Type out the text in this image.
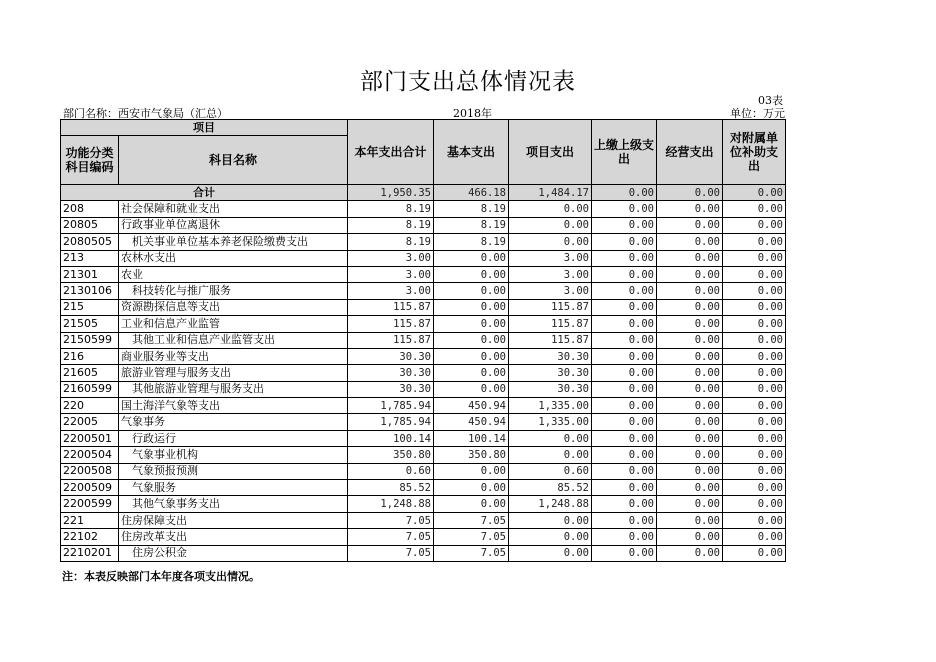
部门支出总体情况表
03表
部门名称：西安市气象局（汇总）	2018年	单位：万元
项目		本年支出合计	基本支出	项目支出	上缴上级支出	经营支出	对附属单位补助支出
功能分类科目编码	科目名称						
合计		1,950.35	466.18	1,484.17	0.00	0.00	0.00
208	社会保障和就业支出	8.19	8.19	0.00	0.00	0.00	0.00
20805	行政事业单位离退休	8.19	8.19	0.00	0.00	0.00	0.00
2080505	　机关事业单位基本养老保险缴费支出	8.19	8.19	0.00	0.00	0.00	0.00
213	农林水支出	3.00	0.00	3.00	0.00	0.00	0.00
21301	农业	3.00	0.00	3.00	0.00	0.00	0.00
2130106	　科技转化与推广服务	3.00	0.00	3.00	0.00	0.00	0.00
215	资源勘探信息等支出	115.87	0.00	115.87	0.00	0.00	0.00
21505	工业和信息产业监管	115.87	0.00	115.87	0.00	0.00	0.00
2150599	　其他工业和信息产业监管支出	115.87	0.00	115.87	0.00	0.00	0.00
216	商业服务业等支出	30.30	0.00	30.30	0.00	0.00	0.00
21605	旅游业管理与服务支出	30.30	0.00	30.30	0.00	0.00	0.00
2160599	　其他旅游业管理与服务支出	30.30	0.00	30.30	0.00	0.00	0.00
220	国土海洋气象等支出	1,785.94	450.94	1,335.00	0.00	0.00	0.00
22005	气象事务	1,785.94	450.94	1,335.00	0.00	0.00	0.00
2200501	　行政运行	100.14	100.14	0.00	0.00	0.00	0.00
2200504	　气象事业机构	350.80	350.80	0.00	0.00	0.00	0.00
2200508	　气象预报预测	0.60	0.00	0.60	0.00	0.00	0.00
2200509	　气象服务	85.52	0.00	85.52	0.00	0.00	0.00
2200599	　其他气象事务支出	1,248.88	0.00	1,248.88	0.00	0.00	0.00
221	住房保障支出	7.05	7.05	0.00	0.00	0.00	0.00
22102	住房改革支出	7.05	7.05	0.00	0.00	0.00	0.00
2210201	　住房公积金	7.05	7.05	0.00	0.00	0.00	0.00
注：本表反映部门本年度各项支出情况。
